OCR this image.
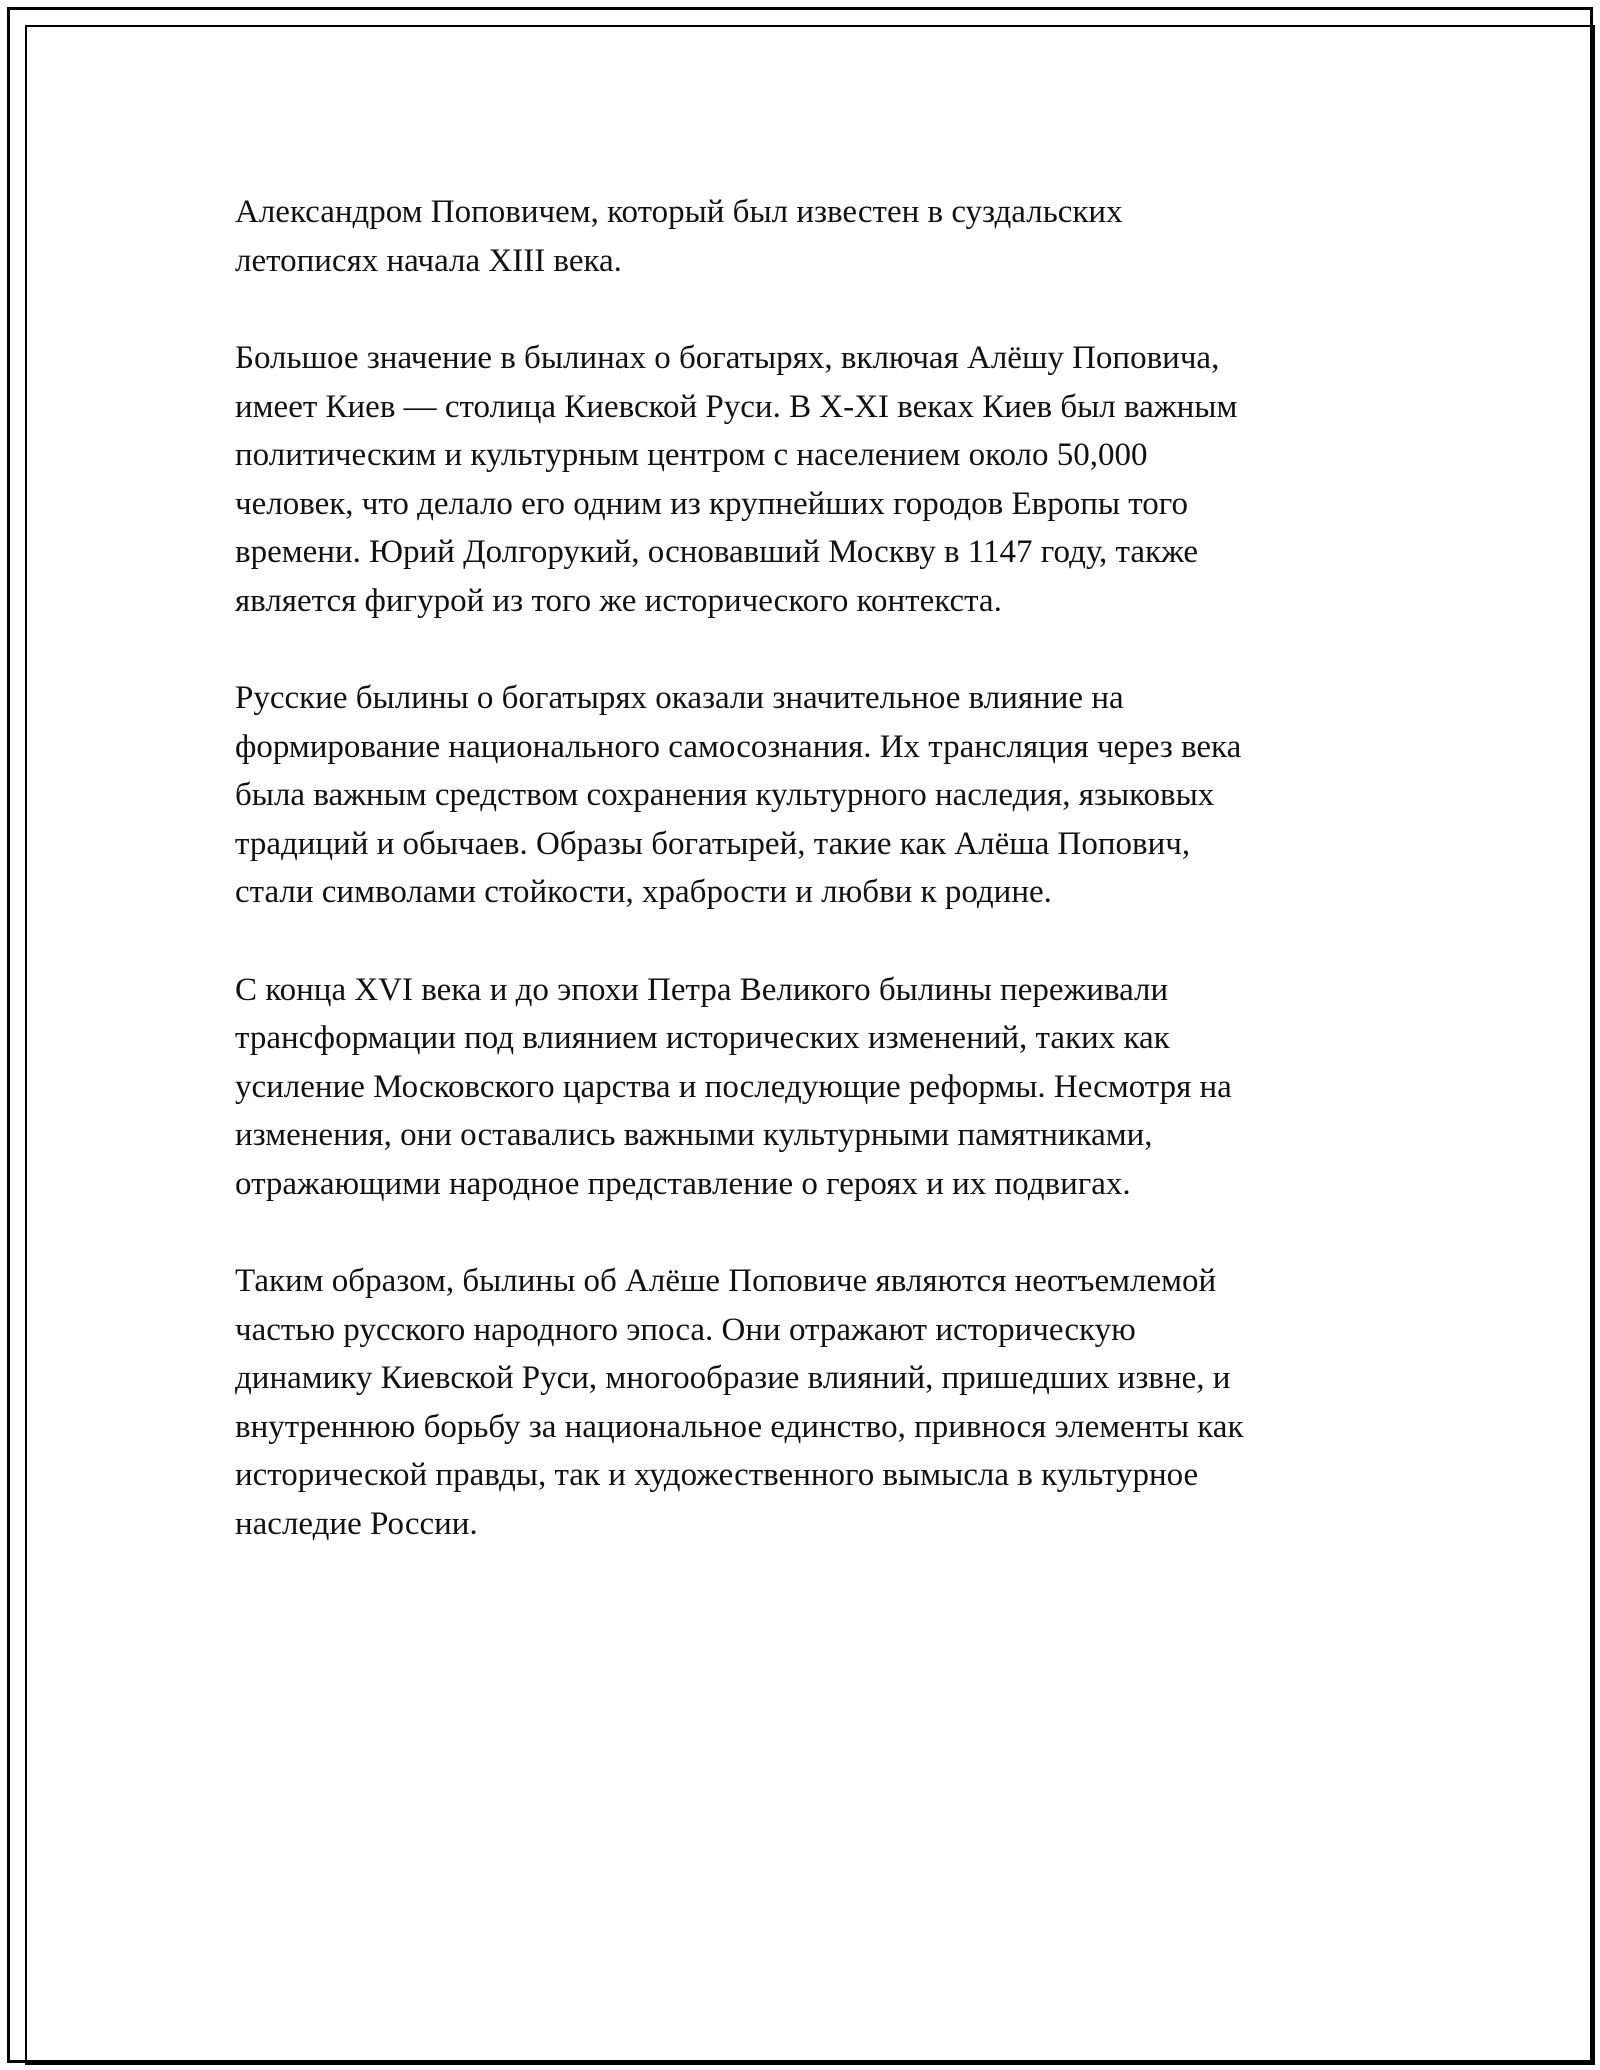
Александром Поповичем, который был известен в суздальских
летописях начала XIII века.

Большое значение в былинах о богатырях, включая Алёшу Поповича,
имеет Киев — столица Киевской Руси. В X-XI веках Киев был важным
политическим и культурным центром с населением около 50,000
человек, что делало его одним из крупнейших городов Европы того
времени. Юрий Долгорукий, основавший Москву в 1147 году, также
является фигурой из того же исторического контекста.

Русские былины о богатырях оказали значительное влияние на
формирование национального самосознания. Их трансляция через века
была важным средством сохранения культурного наследия, языковых
традиций и обычаев. Образы богатырей, такие как Алёша Попович,
стали символами стойкости, храбрости и любви к родине.

С конца XVI века и до эпохи Петра Великого былины переживали
трансформации под влиянием исторических изменений, таких как
усиление Московского царства и последующие реформы. Несмотря на
изменения, они оставались важными культурными памятниками,
отражающими народное представление о героях и их подвигах.

Таким образом, былины об Алёше Поповиче являются неотъемлемой
частью русского народного эпоса. Они отражают историческую
динамику Киевской Руси, многообразие влияний, пришедших извне, и
внутреннюю борьбу за национальное единство, привнося элементы как
исторической правды, так и художественного вымысла в культурное
наследие России.
